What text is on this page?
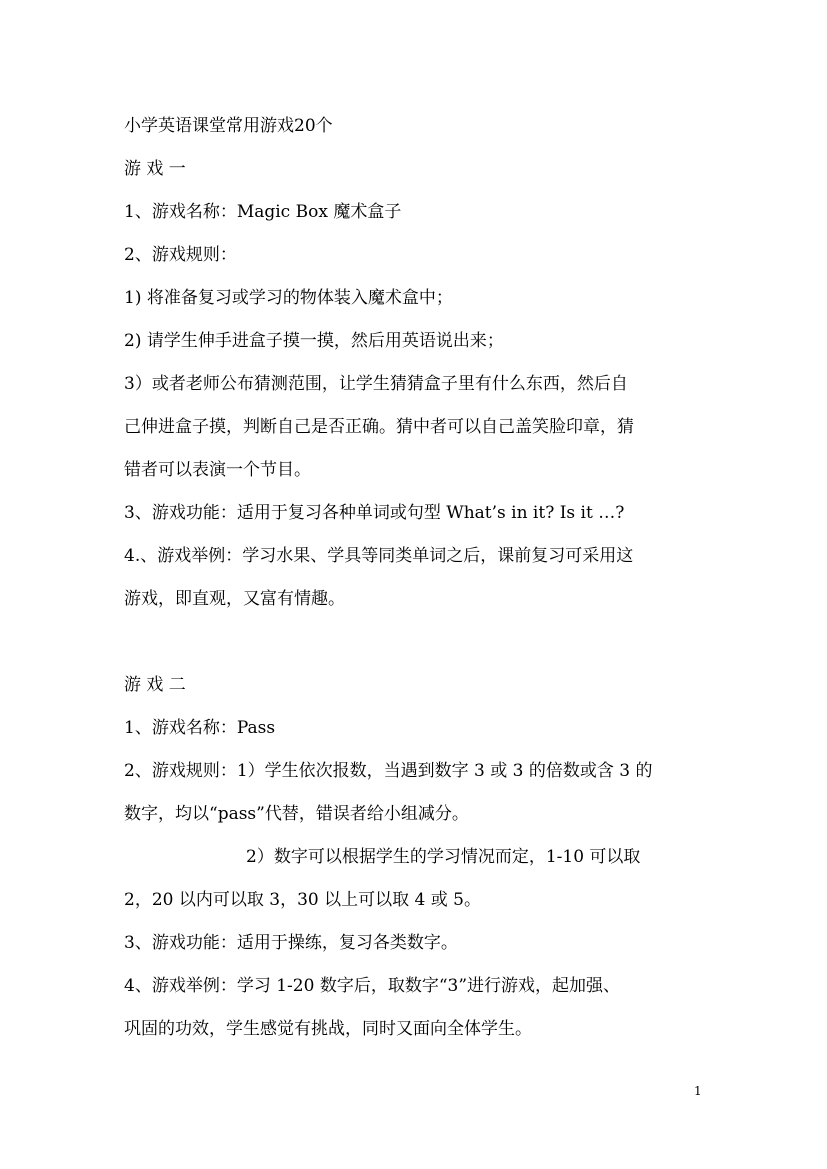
小学英语课堂常用游戏20个
游 戏 一
1、游戏名称：Magic Box 魔术盒子
2、游戏规则：
1) 将准备复习或学习的物体装入魔术盒中；
2) 请学生伸手进盒子摸一摸，然后用英语说出来；
3）或者老师公布猜测范围，让学生猜猜盒子里有什么东西，然后自
己伸进盒子摸，判断自己是否正确。猜中者可以自己盖笑脸印章，猜
错者可以表演一个节目。
3、游戏功能：适用于复习各种单词或句型 What’s in it? Is it …?
4.、游戏举例：学习水果、学具等同类单词之后，课前复习可采用这
游戏，即直观，又富有情趣。
游 戏 二
1、游戏名称：Pass
2、游戏规则：1）学生依次报数，当遇到数字 3 或 3 的倍数或含 3 的
数字，均以“pass”代替，错误者给小组减分。
2）数字可以根据学生的学习情况而定，1-10 可以取
2，20 以内可以取 3，30 以上可以取 4 或 5。
3、游戏功能：适用于操练，复习各类数字。
4、游戏举例：学习 1-20 数字后，取数字“3”进行游戏，起加强、
巩固的功效，学生感觉有挑战，同时又面向全体学生。
1
